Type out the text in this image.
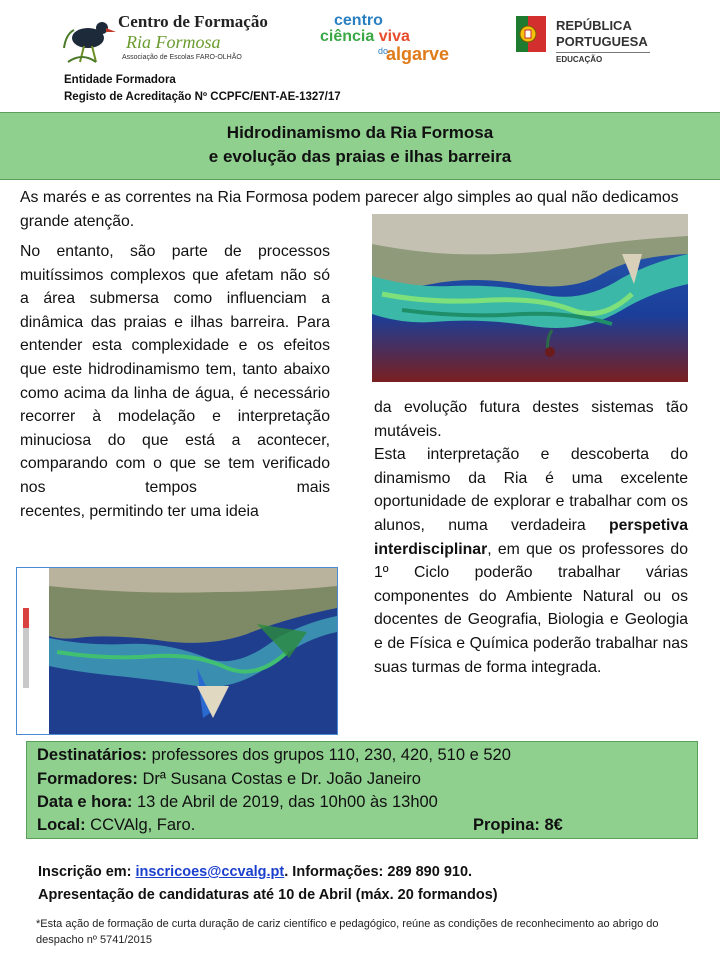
Centro de Formação
Ria Formosa
Associação de Escolas FARO-OLHÃO
centro
ciência viva
do
algarve
REPÚBLICA
PORTUGUESA
EDUCAÇÃO
Entidade Formadora
Registo de Acreditação Nº CCPFC/ENT-AE-1327/17
Hidrodinamismo da Ria Formosa
e evolução das praias e ilhas barreira
As marés e as correntes na Ria Formosa podem parecer algo simples ao qual não dedicamos grande atenção.
No entanto, são parte de processos muitíssimos complexos que afetam não só a área submersa como influenciam a dinâmica das praias e ilhas barreira. Para entender esta complexidade e os efeitos que este hidrodinamismo tem, tanto abaixo como acima da linha de água, é necessário recorrer à modelação e interpretação minuciosa do que está a acontecer, comparando com o que se tem verificado nos tempos mais
recentes, permitindo ter uma ideia

da evolução futura destes sistemas tão mutáveis.

Esta interpretação e descoberta do dinamismo da Ria é uma excelente oportunidade de explorar e trabalhar com os alunos, numa verdadeira perspetiva interdisciplinar, em que os professores do 1º Ciclo poderão trabalhar várias componentes do Ambiente Natural ou os docentes de Geografia, Biologia e Geologia e de Física e Química poderão trabalhar nas suas turmas de forma integrada.

Destinatários: professores dos grupos 110, 230, 420, 510 e 520
Formadores: Drª Susana Costas e Dr. João Janeiro
Data e hora: 13 de Abril de 2019, das 10h00 às 13h00
Local: CCVAlg, Faro.	Propina: 8€
Inscrição em: inscricoes@ccvalg.pt. Informações: 289 890 910.
Apresentação de candidaturas até 10 de Abril (máx. 20 formandos)
*Esta ação de formação de curta duração de cariz científico e pedagógico, reúne as condições de reconhecimento ao abrigo do despacho nº 5741/2015
